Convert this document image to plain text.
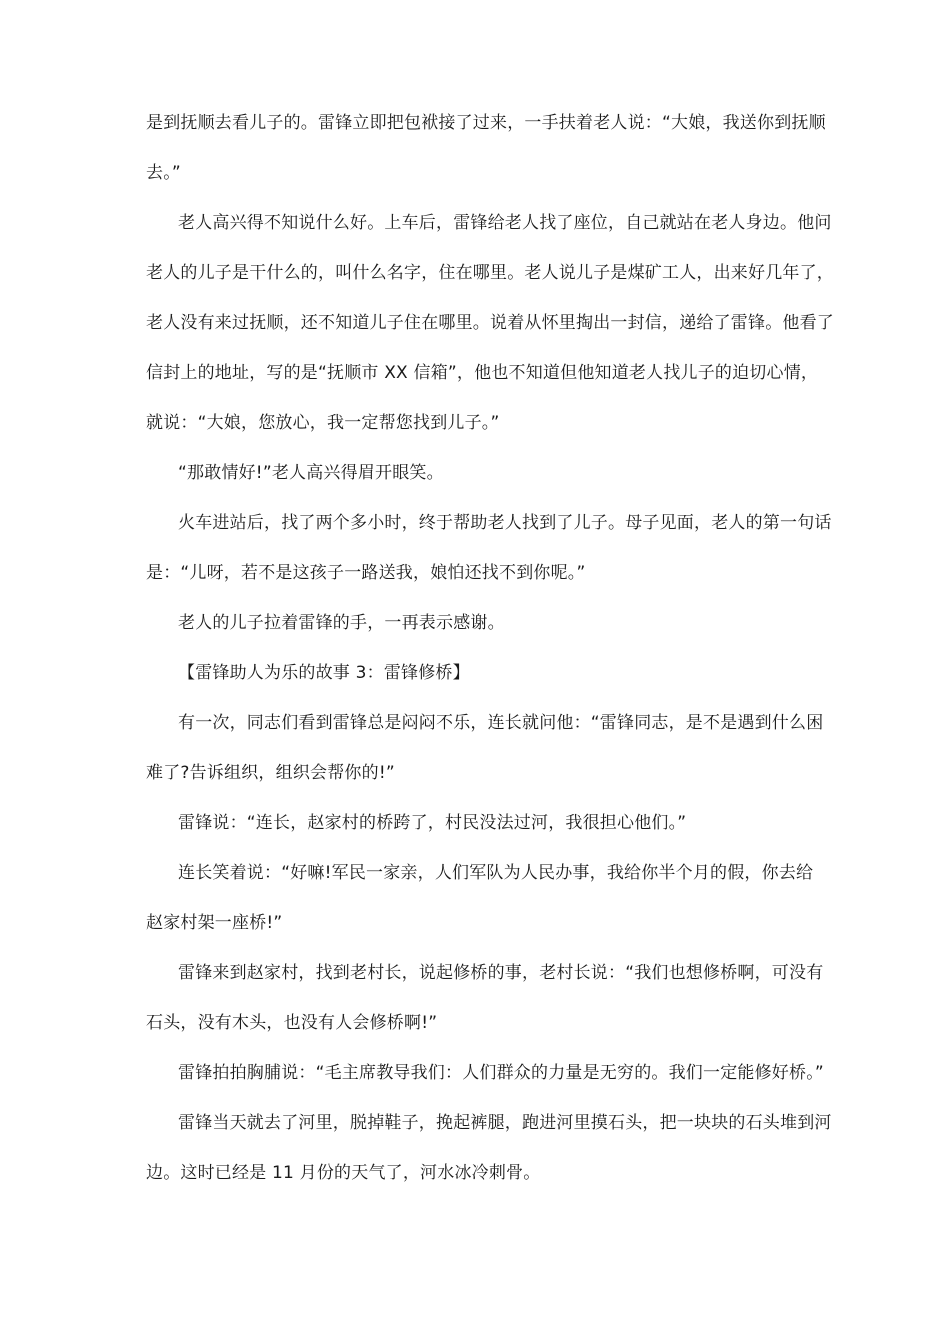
是到抚顺去看儿子的。雷锋立即把包袱接了过来，一手扶着老人说：“大娘，我送你到抚顺
去。”
老人高兴得不知说什么好。上车后，雷锋给老人找了座位，自己就站在老人身边。他问
老人的儿子是干什么的，叫什么名字，住在哪里。老人说儿子是煤矿工人，出来好几年了，
老人没有来过抚顺，还不知道儿子住在哪里。说着从怀里掏出一封信，递给了雷锋。他看了
信封上的地址，写的是“抚顺市 XX 信箱”，他也不知道但他知道老人找儿子的迫切心情，
就说：“大娘，您放心，我一定帮您找到儿子。”
“那敢情好!”老人高兴得眉开眼笑。
火车进站后，找了两个多小时，终于帮助老人找到了儿子。母子见面，老人的第一句话
是：“儿呀，若不是这孩子一路送我，娘怕还找不到你呢。”
老人的儿子拉着雷锋的手，一再表示感谢。
【雷锋助人为乐的故事 3：雷锋修桥】
有一次，同志们看到雷锋总是闷闷不乐，连长就问他：“雷锋同志，是不是遇到什么困
难了?告诉组织，组织会帮你的!”
雷锋说：“连长，赵家村的桥跨了，村民没法过河，我很担心他们。”
连长笑着说：“好嘛!军民一家亲，人们军队为人民办事，我给你半个月的假，你去给
赵家村架一座桥!”
雷锋来到赵家村，找到老村长，说起修桥的事，老村长说：“我们也想修桥啊，可没有
石头，没有木头，也没有人会修桥啊!”
雷锋拍拍胸脯说：“毛主席教导我们：人们群众的力量是无穷的。我们一定能修好桥。”
雷锋当天就去了河里，脱掉鞋子，挽起裤腿，跑进河里摸石头，把一块块的石头堆到河
边。这时已经是 11 月份的天气了，河水冰冷刺骨。
